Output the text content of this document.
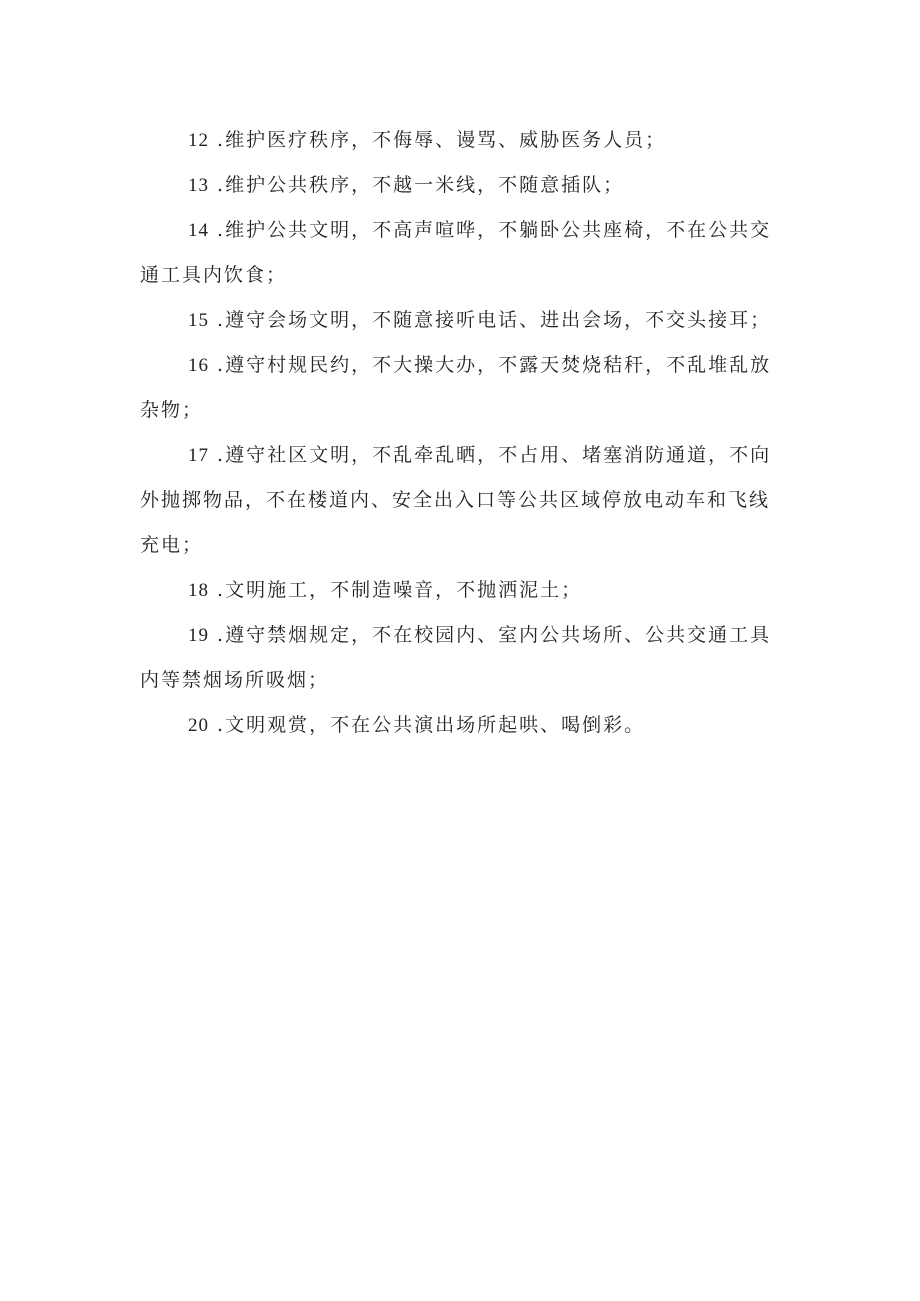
12 .维护医疗秩序，不侮辱、谩骂、威胁医务人员；

13 .维护公共秩序，不越一米线，不随意插队；

14 .维护公共文明，不高声喧哗，不躺卧公共座椅，不在公共交通工具内饮食；

15 .遵守会场文明，不随意接听电话、进出会场，不交头接耳；

16 .遵守村规民约，不大操大办，不露天焚烧秸秆，不乱堆乱放杂物；

17 .遵守社区文明，不乱牵乱晒，不占用、堵塞消防通道，不向外抛掷物品，不在楼道内、安全出入口等公共区域停放电动车和飞线充电；

18 .文明施工，不制造噪音，不抛洒泥土；

19 .遵守禁烟规定，不在校园内、室内公共场所、公共交通工具内等禁烟场所吸烟；

20 .文明观赏，不在公共演出场所起哄、喝倒彩。
